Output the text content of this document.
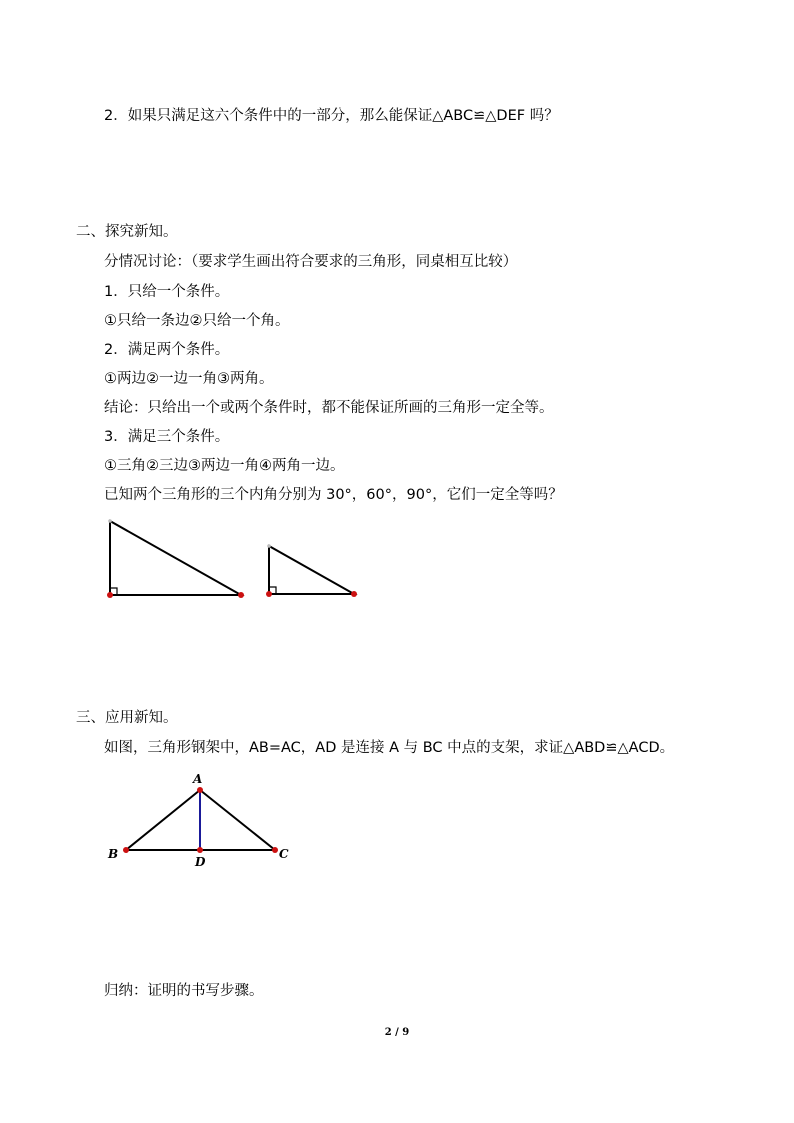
2．如果只满足这六个条件中的一部分，那么能保证△ABC≌△DEF 吗？
二、探究新知。
分情况讨论：（要求学生画出符合要求的三角形，同桌相互比较）
1．只给一个条件。
①只给一条边②只给一个角。
2．满足两个条件。
①两边②一边一角③两角。
结论：只给出一个或两个条件时，都不能保证所画的三角形一定全等。
3．满足三个条件。
①三角②三边③两边一角④两角一边。
已知两个三角形的三个内角分别为 30°，60°，90°，它们一定全等吗？
三、应用新知。
如图，三角形钢架中，AB=AC，AD 是连接 A 与 BC 中点的支架，求证△ABD≌△ACD。
A
B	C
D
归纳：证明的书写步骤。
2 / 9
